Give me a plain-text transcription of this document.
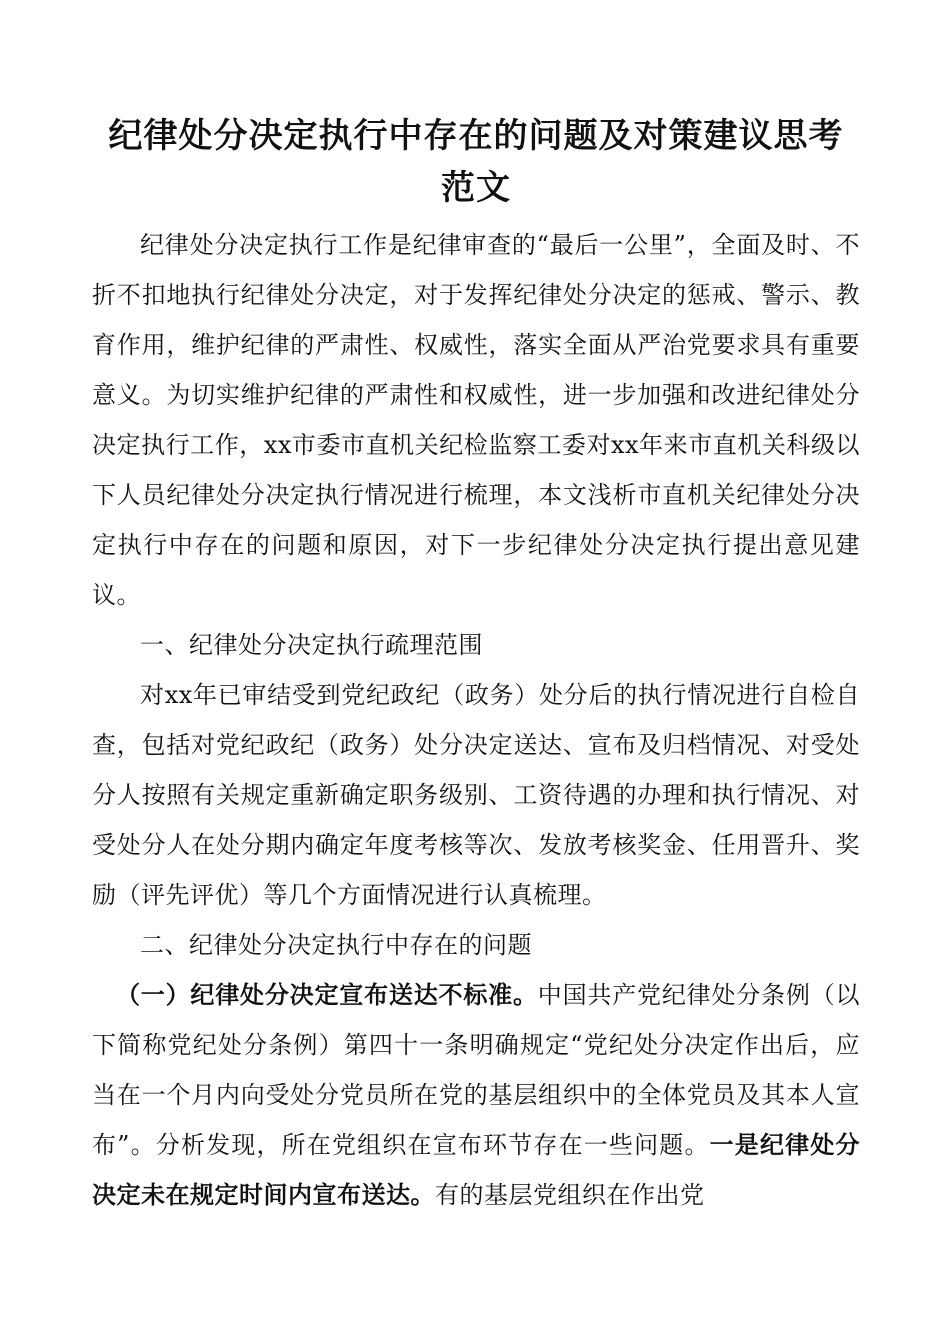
纪律处分决定执行中存在的问题及对策建议思考
范文

纪律处分决定执行工作是纪律审查的“最后一公里”，全面及时、不折不扣地执行纪律处分决定，对于发挥纪律处分决定的惩戒、警示、教育作用，维护纪律的严肃性、权威性，落实全面从严治党要求具有重要意义。为切实维护纪律的严肃性和权威性，进一步加强和改进纪律处分决定执行工作，xx市委市直机关纪检监察工委对xx年来市直机关科级以下人员纪律处分决定执行情况进行梳理，本文浅析市直机关纪律处分决定执行中存在的问题和原因，对下一步纪律处分决定执行提出意见建议。

一、纪律处分决定执行疏理范围

对xx年已审结受到党纪政纪（政务）处分后的执行情况进行自检自查，包括对党纪政纪（政务）处分决定送达、宣布及归档情况、对受处分人按照有关规定重新确定职务级别、工资待遇的办理和执行情况、对受处分人在处分期内确定年度考核等次、发放考核奖金、任用晋升、奖励（评先评优）等几个方面情况进行认真梳理。

二、纪律处分决定执行中存在的问题

（一）纪律处分决定宣布送达不标准。中国共产党纪律处分条例（以下简称党纪处分条例）第四十一条明确规定“党纪处分决定作出后，应当在一个月内向受处分党员所在党的基层组织中的全体党员及其本人宣布”。分析发现，所在党组织在宣布环节存在一些问题。一是纪律处分决定未在规定时间内宣布送达。有的基层党组织在作出党
